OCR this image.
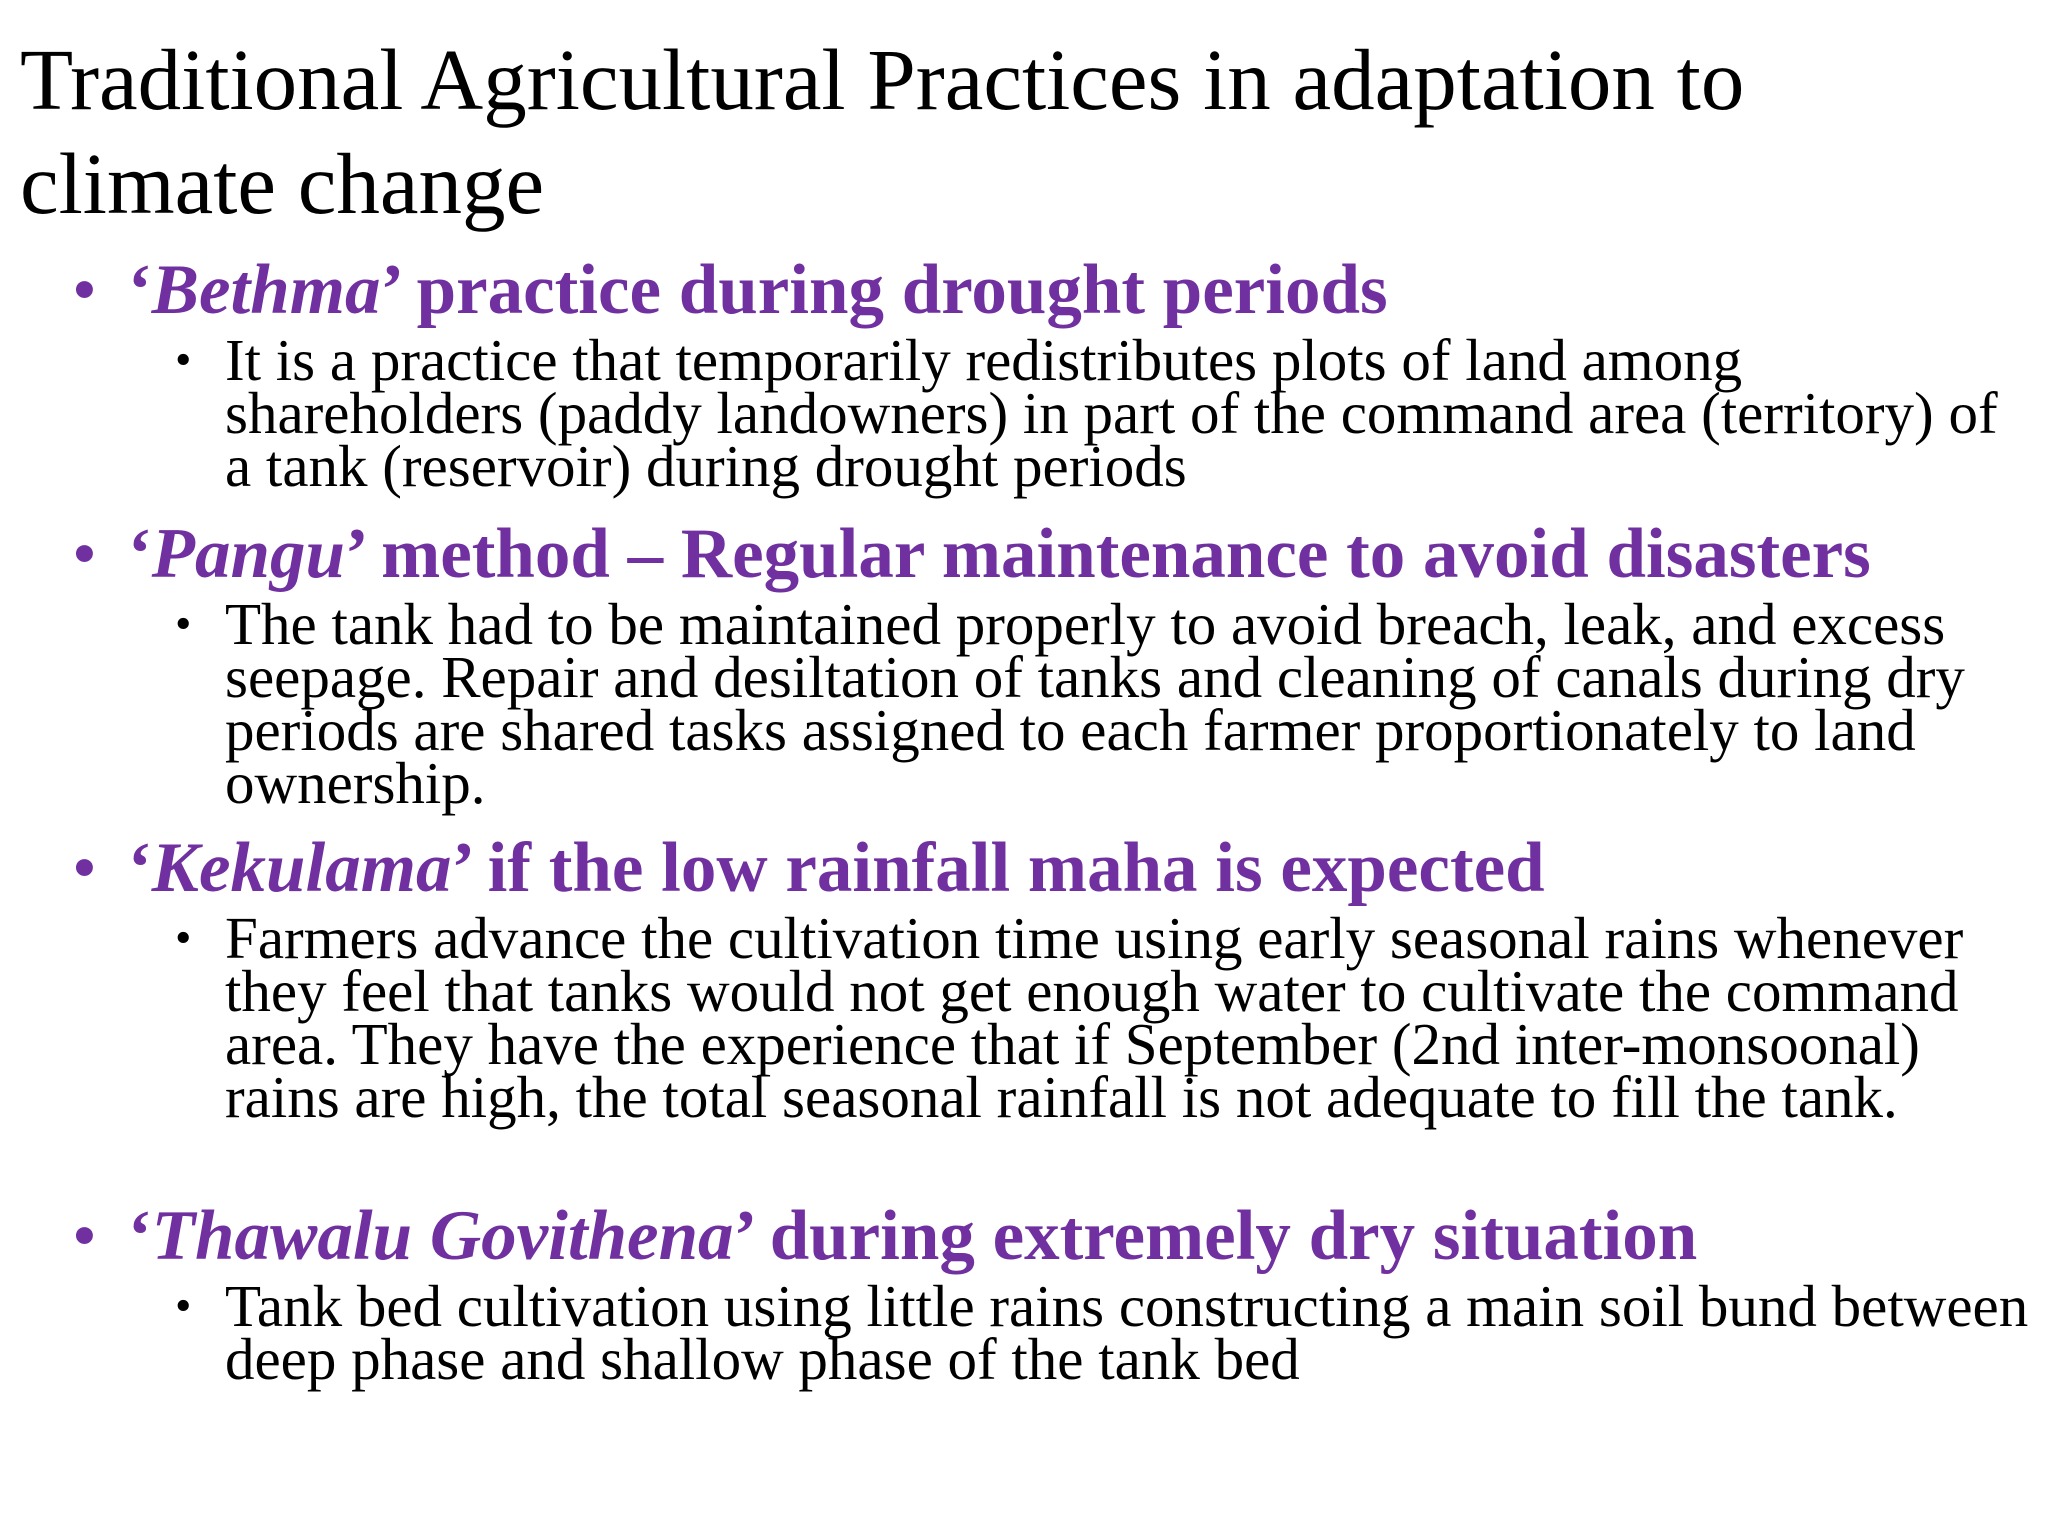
Traditional Agricultural Practices in adaptation to climate change
• ‘Bethma’ practice during drought periods
• It is a practice that temporarily redistributes plots of land among shareholders (paddy landowners) in part of the command area (territory) of a tank (reservoir) during drought periods
• ‘Pangu’ method – Regular maintenance to avoid disasters
• The tank had to be maintained properly to avoid breach, leak, and excess seepage. Repair and desiltation of tanks and cleaning of canals during dry periods are shared tasks assigned to each farmer proportionately to land ownership.
• ‘Kekulama’ if the low rainfall maha is expected
• Farmers advance the cultivation time using early seasonal rains whenever they feel that tanks would not get enough water to cultivate the command area. They have the experience that if September (2nd inter-monsoonal) rains are high, the total seasonal rainfall is not adequate to fill the tank.
• ‘Thawalu Govithena’ during extremely dry situation
• Tank bed cultivation using little rains constructing a main soil bund between deep phase and shallow phase of the tank bed
